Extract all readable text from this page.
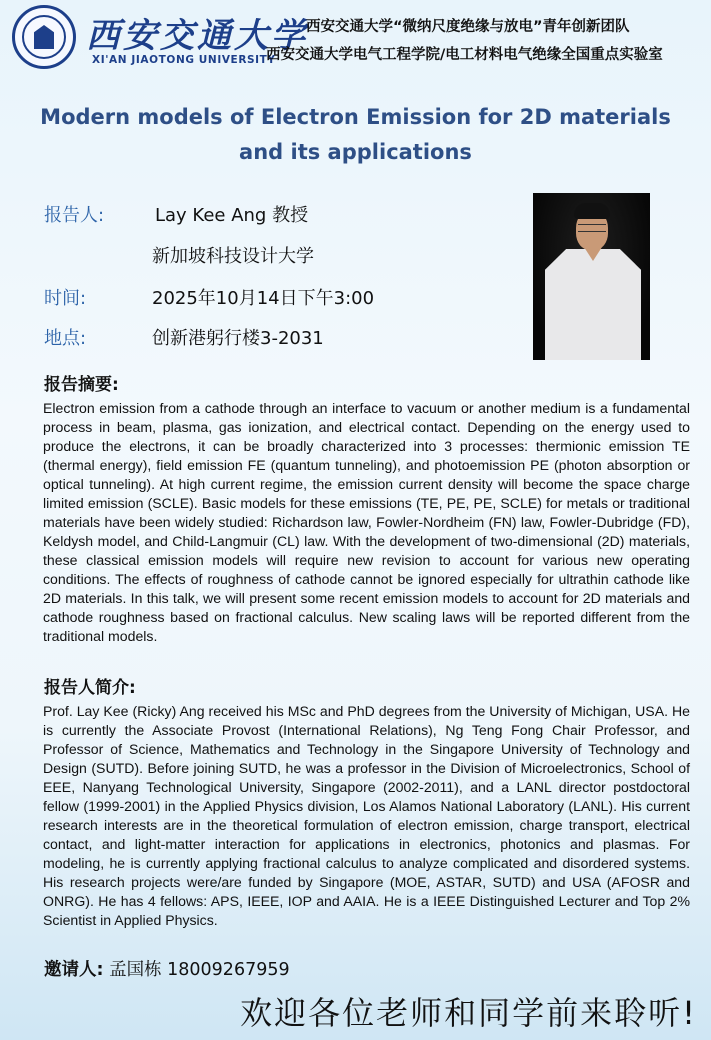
西安交通大学
XI'AN JIAOTONG UNIVERSITY
西安交通大学“微纳尺度绝缘与放电”青年创新团队
西安交通大学电气工程学院/电工材料电气绝缘全国重点实验室
Modern models of Electron Emission for 2D materials
and its applications
报告人:	Lay Kee Ang 教授
新加坡科技设计大学
时间:	2025年10月14日下午3:00
地点:	创新港躬行楼3-2031
报告摘要:

Electron emission from a cathode through an interface to vacuum or another medium is a fundamental process in beam, plasma, gas ionization, and electrical contact. Depending on the energy used to produce the electrons, it can be broadly characterized into 3 processes: thermionic emission TE (thermal energy), field emission FE (quantum tunneling), and photoemission PE (photon absorption or optical tunneling). At high current regime, the emission current density will become the space charge limited emission (SCLE). Basic models for these emissions (TE, PE, PE, SCLE) for metals or traditional materials have been widely studied: Richardson law, Fowler-Nordheim (FN) law, Fowler-Dubridge (FD), Keldysh model, and Child-Langmuir (CL) law. With the development of two-dimensional (2D) materials, these classical emission models will require new revision to account for various new operating conditions. The effects of roughness of cathode cannot be ignored especially for ultrathin cathode like 2D materials. In this talk, we will present some recent emission models to account for 2D materials and cathode roughness based on fractional calculus. New scaling laws will be reported different from the traditional models.

报告人简介:

Prof. Lay Kee (Ricky) Ang received his MSc and PhD degrees from the University of Michigan, USA. He is currently the Associate Provost (International Relations), Ng Teng Fong Chair Professor, and Professor of Science, Mathematics and Technology in the Singapore University of Technology and Design (SUTD). Before joining SUTD, he was a professor in the Division of Microelectronics, School of EEE, Nanyang Technological University, Singapore (2002-2011), and a LANL director postdoctoral fellow (1999-2001) in the Applied Physics division, Los Alamos National Laboratory (LANL). His current research interests are in the theoretical formulation of electron emission, charge transport, electrical contact, and light-matter interaction for applications in electronics, photonics and plasmas. For modeling, he is currently applying fractional calculus to analyze complicated and disordered systems. His research projects were/are funded by Singapore (MOE, ASTAR, SUTD) and USA (AFOSR and ONRG). He has 4 fellows: APS, IEEE, IOP and AAIA. He is a IEEE Distinguished Lecturer and Top 2% Scientist in Applied Physics.

邀请人: 孟国栋 18009267959
欢迎各位老师和同学前来聆听!
